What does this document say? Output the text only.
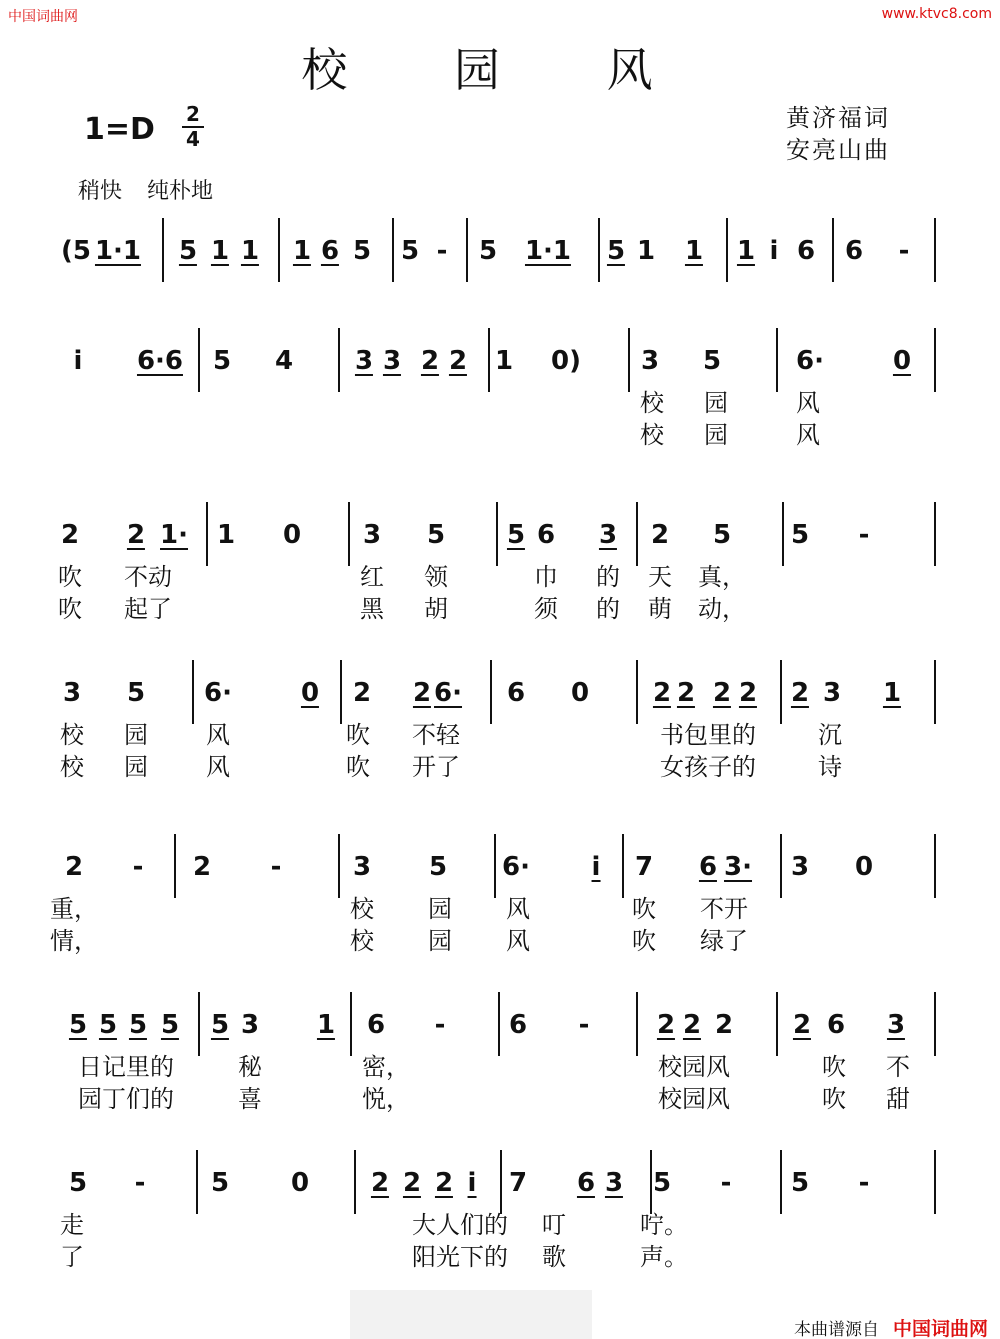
中国词曲网	www.ktvc8.com
校 园 风
1=D 2
4
黄济福词
安亮山曲
稍快 纯朴地
(5 1·1 5 1 1 1 6 5 5 - 5 1·1 5 1 1 1 i 6 6 -
i 6·6 5 4 3 3 2 2 1 0) 3 5	6·	0
校 园	风
校 园	风
2 2 1· 1 0 3 5 5 6 3 2 5 5 -
吹 不动	红 领	巾 的 天 真，
吹 起了	黑 胡	须 的 萌 动，
3 5 6·	0 2 2 6· 6 0 2 2 2 2 2 3 1
校 园 风	吹 不轻	书包里的	沉
校 园 风	吹 开了	女孩子的	诗
2 - 2 -	3 5 6· i 7 6 3· 3 0
重，	校 园 风	吹 不开
情，	校 园 风	吹 绿了
5 5 5 5 5 3 1 6 - 6 -	2 2 2 2 6 3
日记里的	秘	密，	校园风	吹 不
园丁们的	喜	悦，	校园风	吹 甜
5 -	5 0 2 2 2 i 7 6 3 5 - 5 -
走	大人们的 叮	咛。
了	阳光下的 歌	声。
本曲谱源自 中国词曲网
